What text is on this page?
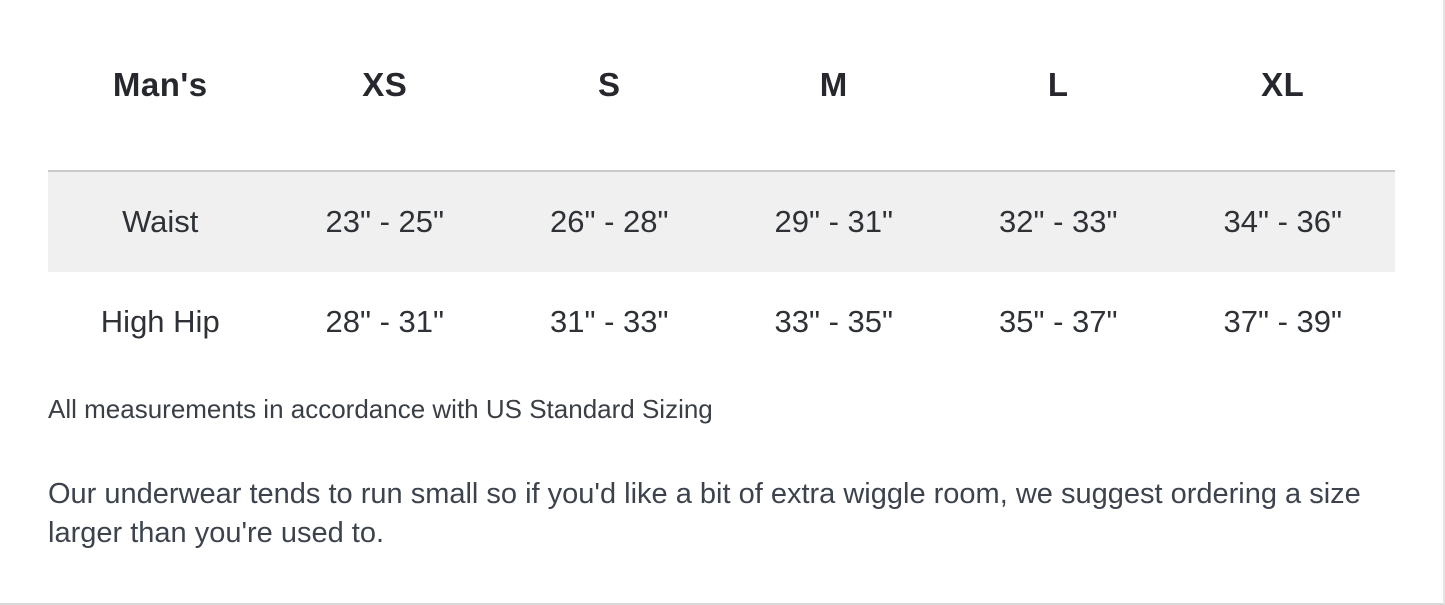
Man's	XS	S	M	L	XL
Waist	23" - 25"	26" - 28"	29" - 31"	32" - 33"	34" - 36"
High Hip	28" - 31"	31" - 33"	33" - 35"	35" - 37"	37" - 39"
All measurements in accordance with US Standard Sizing
Our underwear tends to run small so if you'd like a bit of extra wiggle room, we suggest ordering a size larger than you're used to.
